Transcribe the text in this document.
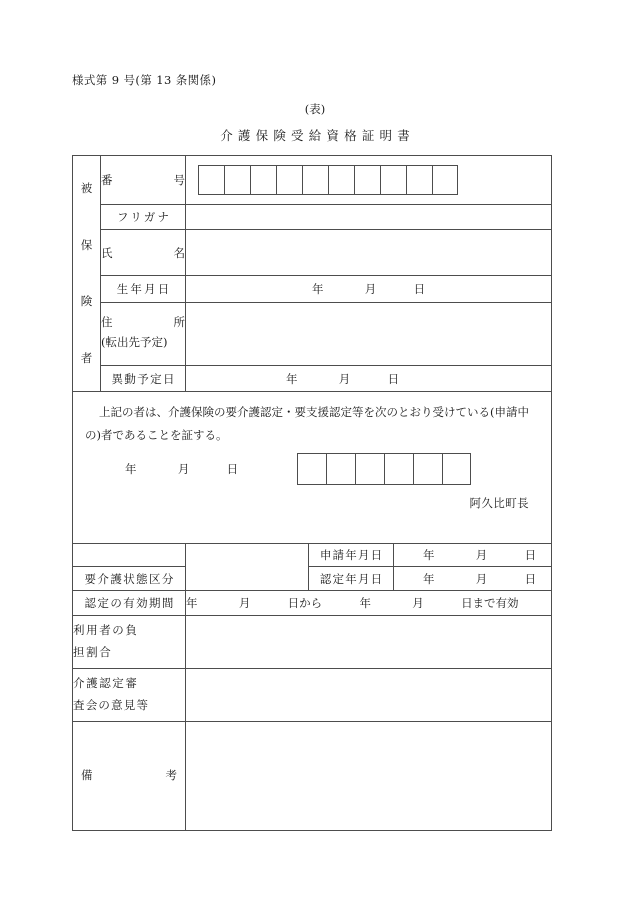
様式第 9 号(第 13 条関係)
(表)
介護保険受給資格証明書
被
保
険
者	番 号			

フリガナ			

	氏 名			

生年月日	年 月 日		

	住 所
(転出先予定)			

異動予定日	年 月 日		

上記の者は、介護保険の要介護認定・要支援認定等を次のとおり受けている(申請中

の)者であることを証する。

年 月 日
阿久比町長				

			申請年月日	年 月 日
要介護状態区分			認定年月日	年 月 日
認定の有効期間		年 月 日から 年 月 日まで有効		

利用者の負
担割合				

介護認定審
査会の意見等				

備 考				
